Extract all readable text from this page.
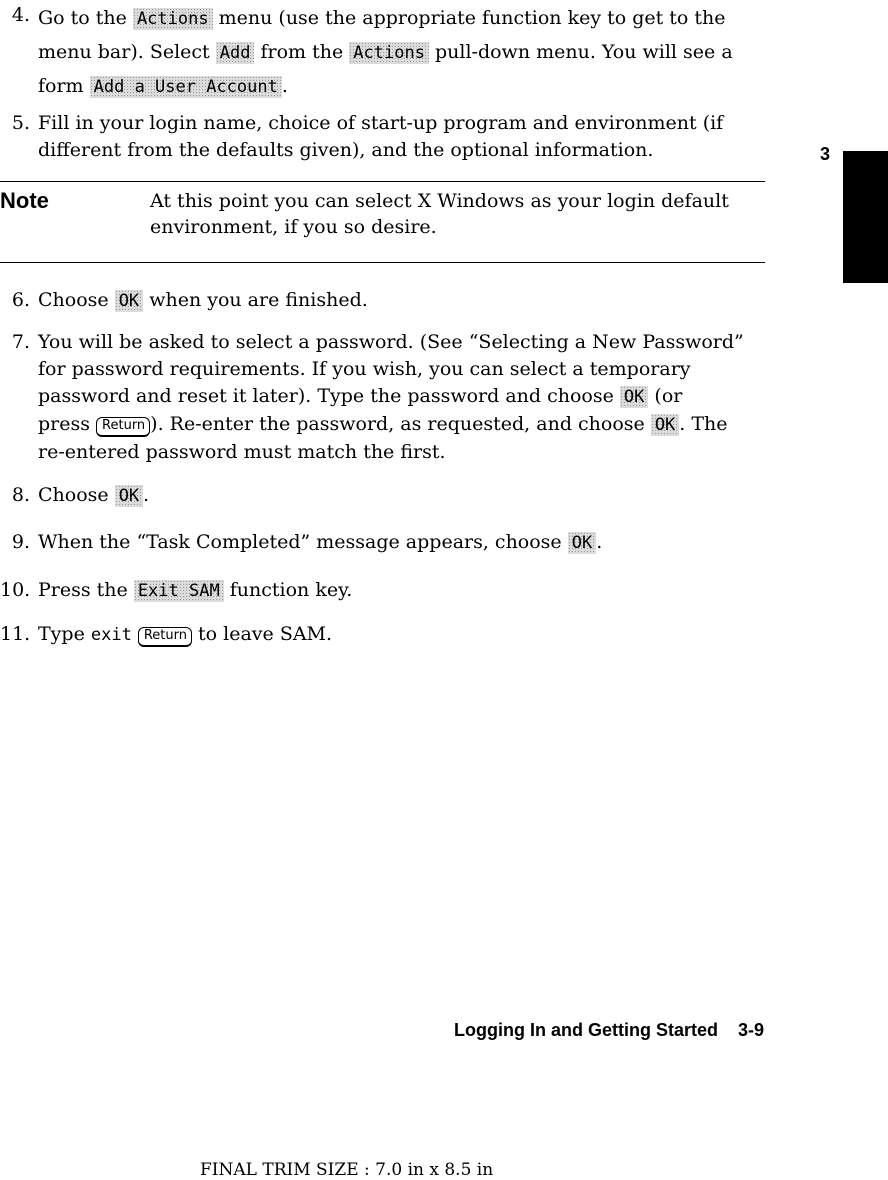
4. Go to the Actions menu (use the appropriate function key to get to the
menu bar). Select Add from the Actions pull-down menu. You will see a
form Add a User Account .
5. Fill in your login name, choice of start-up program and environment (if
different from the defaults given), and the optional information.
Note	At this point you can select X Windows as your login default
environment, if you so desire.
6. Choose OK when you are finished.
7. You will be asked to select a password. (See “Selecting a New Password”
for password requirements. If you wish, you can select a temporary
password and reset it later). Type the password and choose OK (or
press Return ). Re-enter the password, as requested, and choose OK . The
re-entered password must match the first.
8. Choose OK .
9. When the “Task Completed” message appears, choose OK .
10. Press the Exit SAM function key.
11. Type exit Return to leave SAM.
3
Logging In and Getting Started 3-9
FINAL TRIM SIZE : 7.0 in x 8.5 in
